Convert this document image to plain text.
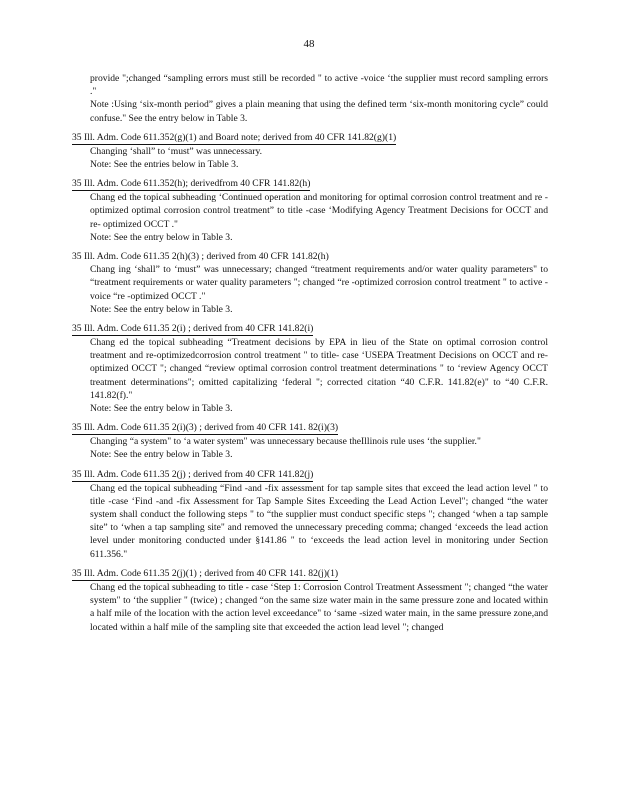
48
provide ";changed “sampling errors must still be recorded " to active -voice ‘the supplier must record sampling errors ."
Note :Using ‘six-month period” gives a plain meaning that using the defined term ‘six-month monitoring cycle” could confuse." See the entry below in Table 3.
35 Ill. Adm. Code 611.352(g)(1) and Board note; derived from 40 CFR 141.82(g)(1)
Changing ‘shall” to ‘must” was unnecessary.
Note: See the entries below in Table 3.
35 Ill. Adm. Code 611.352(h); derivedfrom 40 CFR 141.82(h)
Chang ed the topical subheading ‘Continued operation and monitoring for optimal corrosion control treatment and re -optimized optimal corrosion control treatment” to title -case ‘Modifying Agency Treatment Decisions for OCCT and re- optimized OCCT ."
Note: See the entry below in Table 3.
35 Ill. Adm. Code 611.35 2(h)(3) ; derived from 40 CFR 141.82(h)
Chang ing ‘shall” to ‘must” was unnecessary; changed “treatment requirements and/or water quality parameters" to “treatment requirements or water quality parameters "; changed “re -optimized corrosion control treatment " to active -voice “re -optimized OCCT ."
Note: See the entry below in Table 3.
35 Ill. Adm. Code 611.35 2(i) ; derived from 40 CFR 141.82(i)
Chang ed the topical subheading “Treatment decisions by EPA in lieu of the State on optimal corrosion control treatment and re-optimizedcorrosion control treatment " to title- case ‘USEPA Treatment Decisions on OCCT and re- optimized OCCT "; changed “review optimal corrosion control treatment determinations " to ‘review Agency OCCT treatment determinations"; omitted capitalizing ‘federal "; corrected citation “40 C.F.R. 141.82(e)" to “40 C.F.R. 141.82(f)."
Note: See the entry below in Table 3.
35 Ill. Adm. Code 611.35 2(i)(3) ; derived from 40 CFR 141. 82(i)(3)
Changing “a system" to ‘a water system" was unnecessary because theIllinois rule uses ‘the supplier."
Note: See the entry below in Table 3.
35 Ill. Adm. Code 611.35 2(j) ; derived from 40 CFR 141.82(j)
Chang ed the topical subheading “Find -and -fix assessment for tap sample sites that exceed the lead action level " to title -case ‘Find -and -fix Assessment for Tap Sample Sites Exceeding the Lead Action Level"; changed “the water system shall conduct the following steps " to “the supplier must conduct specific steps "; changed ‘when a tap sample site” to ‘when a tap sampling site" and removed the unnecessary preceding comma; changed ‘exceeds the lead action level under monitoring conducted under §141.86 " to ‘exceeds the lead action level in monitoring under Section 611.356."
35 Ill. Adm. Code 611.35 2(j)(1) ; derived from 40 CFR 141. 82(j)(1)
Chang ed the topical subheading to title - case ‘Step 1: Corrosion Control Treatment Assessment "; changed “the water system" to ‘the supplier " (twice) ; changed “on the same size water main in the same pressure zone and located within a half mile of the location with the action level exceedance" to ‘same -sized water main, in the same pressure zone,and located within a half mile of the sampling site that exceeded the action lead level "; changed
